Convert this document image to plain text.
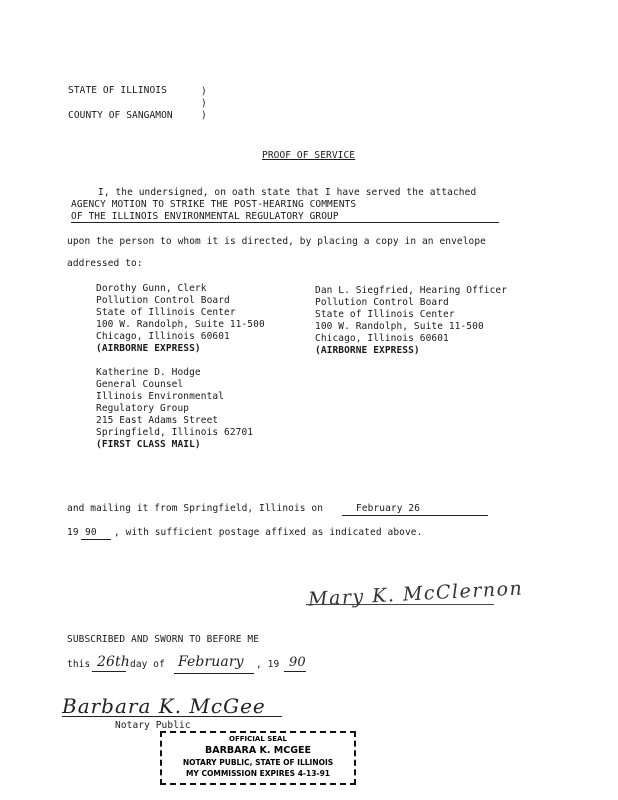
STATE OF ILLINOIS	)
)
COUNTY OF SANGAMON	)
PROOF OF SERVICE
I, the undersigned, on oath state that I have served the attached
AGENCY MOTION TO STRIKE THE POST-HEARING COMMENTS
OF THE ILLINOIS ENVIRONMENTAL REGULATORY GROUP
upon the person to whom it is directed, by placing a copy in an envelope
addressed to:
Dorothy Gunn, Clerk
Pollution Control Board
State of Illinois Center
100 W. Randolph, Suite 11-500
Chicago, Illinois 60601
(AIRBORNE EXPRESS)
Dan L. Siegfried, Hearing Officer
Pollution Control Board
State of Illinois Center
100 W. Randolph, Suite 11-500
Chicago, Illinois 60601
(AIRBORNE EXPRESS)
Katherine D. Hodge
General Counsel
Illinois Environmental
Regulatory Group
215 East Adams Street
Springfield, Illinois 62701
(FIRST CLASS MAIL)
and mailing it from Springfield, Illinois on	February 26
19 90 , with sufficient postage affixed as indicated above.
Mary K. McClernon
SUBSCRIBED AND SWORN TO BEFORE ME
this 26th day of February , 19 90
Barbara K. McGee
Notary Public
OFFICIAL SEAL
BARBARA K. MCGEE
NOTARY PUBLIC, STATE OF ILLINOIS
MY COMMISSION EXPIRES 4-13-91
